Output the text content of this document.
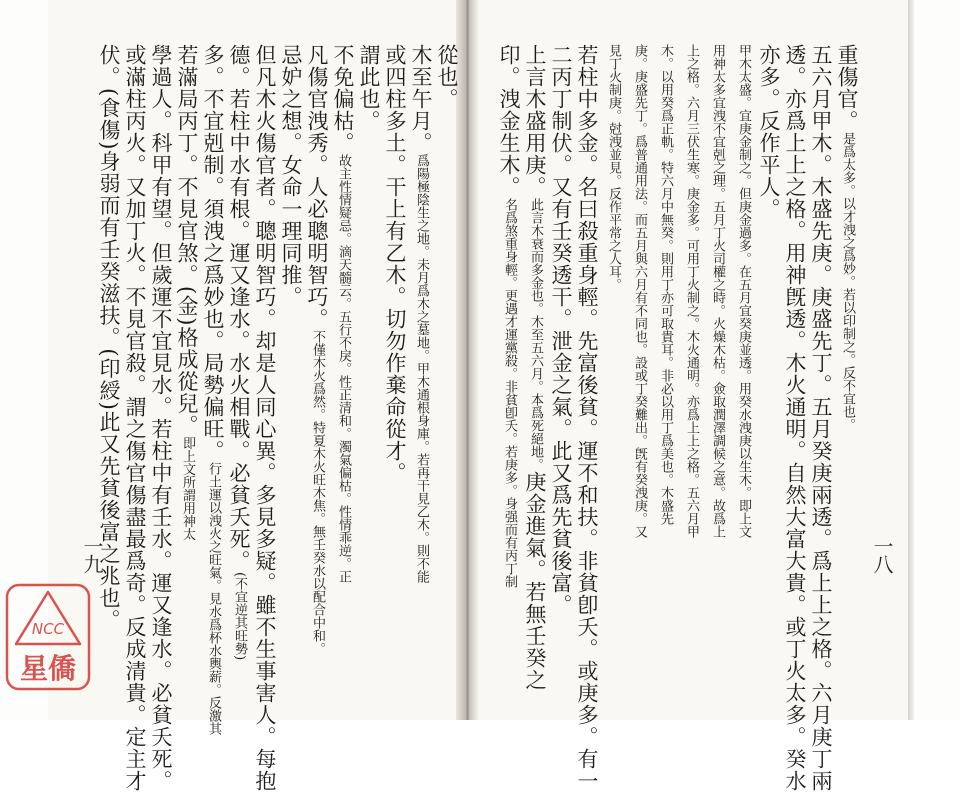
從也。
木至午月。爲陽極陰生之地。未月爲木之墓地。甲木通根身庫。若再干見乙木。則不能
或四柱多土。干上有乙木。切勿作棄命從才。
謂此也。
不免偏枯。故主性情疑忌。滴天髓云。五行不戾。性正清和。濁氣偏枯。性情乖逆。正
凡傷官洩秀。人必聰明智巧。不僅木火爲然。特夏木火旺木焦。無壬癸水以配合中和。
忌妒之想。女命一理同推。
但凡木火傷官者。聰明智巧。却是人同心異。多見多疑。雖不生事害人。每抱
德。若柱中水有根。運又逢水。水火相戰。必貧夭死。(不宜逆其旺勢)
多。不宜剋制。須洩之爲妙也。局勢偏旺。行土運以洩火之旺氣。見水爲杯水輿薪。反激其
若滿局丙丁。不見官煞。(金)格成從兒。即上文所謂用神太
學過人。科甲有望。但歲運不宜見水。若柱中有壬水。運又逢水。必貧夭死。
或滿柱丙火。又加丁火。不見官殺。謂之傷官傷盡最爲奇。反成清貴。定主才
伏。(食傷)身弱而有壬癸滋扶。(印綬)此又先貧後富之兆也。	重傷官。是爲太多。以才洩之爲妙。若以印制之。反不宜也。
五六月甲木。木盛先庚。庚盛先丁。五月癸庚兩透。爲上上之格。六月庚丁兩
透。亦爲上上之格。用神旣透。木火通明。自然大富大貴。或丁火太多。癸水
亦多。反作平人。
甲木太盛。宜庚金制之。但庚金過多。在五月宜癸庚並透。用癸水洩庚以生木。即上文
用神太多宜洩不宜剋之理。五月丁火司權之時。火燥木枯。僉取潤澤調候之意。故爲上
上之格。六月三伏生寒。庚金多。可用丁火制之。木火通明。亦爲上上之格。五六月甲
木。以用癸爲正軌。特六月中無癸。則用丁亦可取貴耳。非必以用丁爲美也。木盛先
庚。庚盛先丁。爲普通用法。而五月與六月有不同也。設或丁癸難出。旣有癸洩庚。又
見丁火制庚。尅洩並見。反作平常之人耳。
若柱中多金。名曰殺重身輕。先富後貧。運不和扶。非貧卽夭。或庚多。有一
二丙丁制伏。又有壬癸透干。泄金之氣。此又爲先貧後富。
上言木盛用庚。此言木衰而多金也。木至五六月。本爲死絕地。庚金進氣。若無壬癸之
印。洩金生木。名爲煞重身輕。更遇才運黨殺。非貧卽夭。若庚多。身强而有丙丁制
一九	一八
NCC
星僑
